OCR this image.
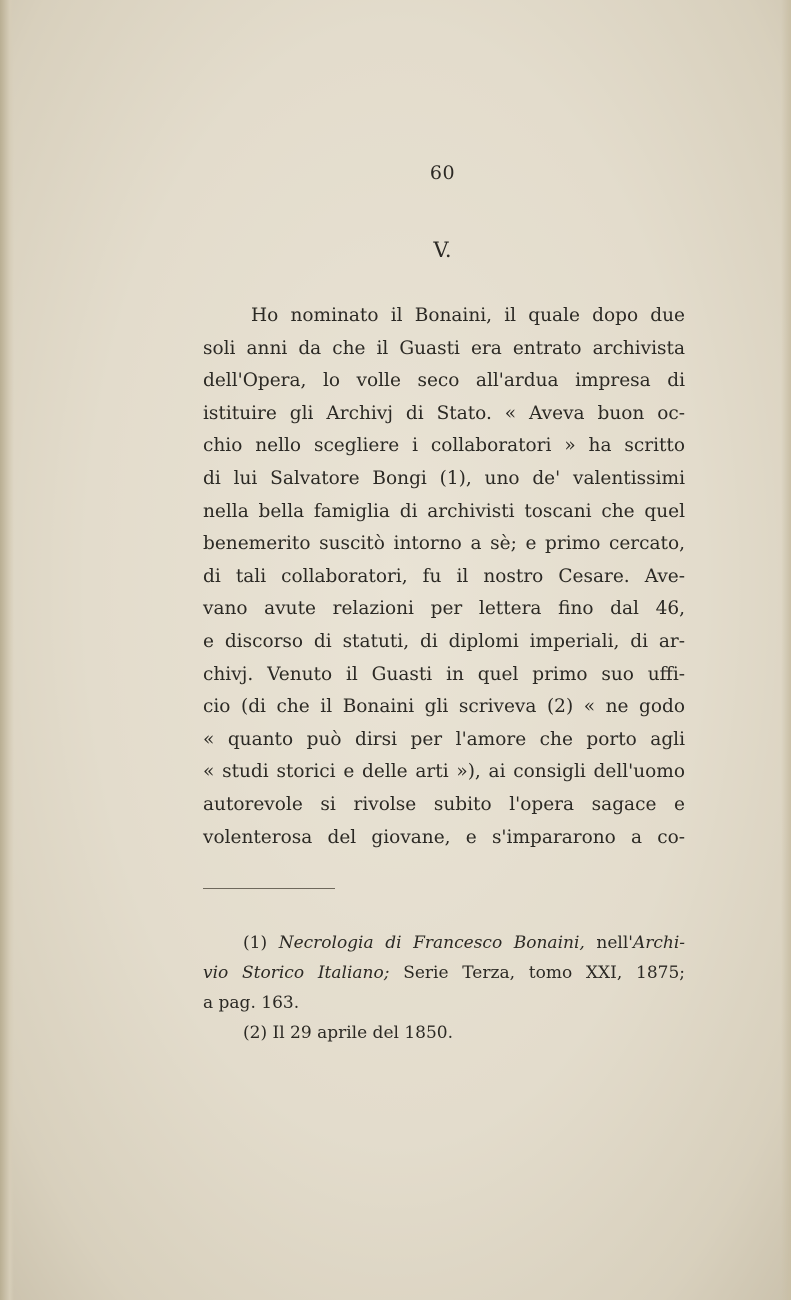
60
V.
Ho nominato il Bonaini, il quale dopo due
soli anni da che il Guasti era entrato archivista
dell'Opera, lo volle seco all'ardua impresa di
istituire gli Archivj di Stato. « Aveva buon oc-
chio nello scegliere i collaboratori » ha scritto
di lui Salvatore Bongi (1), uno de' valentissimi
nella bella famiglia di archivisti toscani che quel
benemerito suscitò intorno a sè; e primo cercato,
di tali collaboratori, fu il nostro Cesare. Ave-
vano avute relazioni per lettera fino dal 46,
e discorso di statuti, di diplomi imperiali, di ar-
chivj. Venuto il Guasti in quel primo suo uffi-
cio (di che il Bonaini gli scriveva (2) « ne godo
« quanto può dirsi per l'amore che porto agli
« studi storici e delle arti »), ai consigli dell'uomo
autorevole si rivolse subito l'opera sagace e
volenterosa del giovane, e s'impararono a co-
(1) Necrologia di Francesco Bonaini, nell'Archi-
vio Storico Italiano; Serie Terza, tomo XXI, 1875;
a pag. 163.
(2) Il 29 aprile del 1850.
